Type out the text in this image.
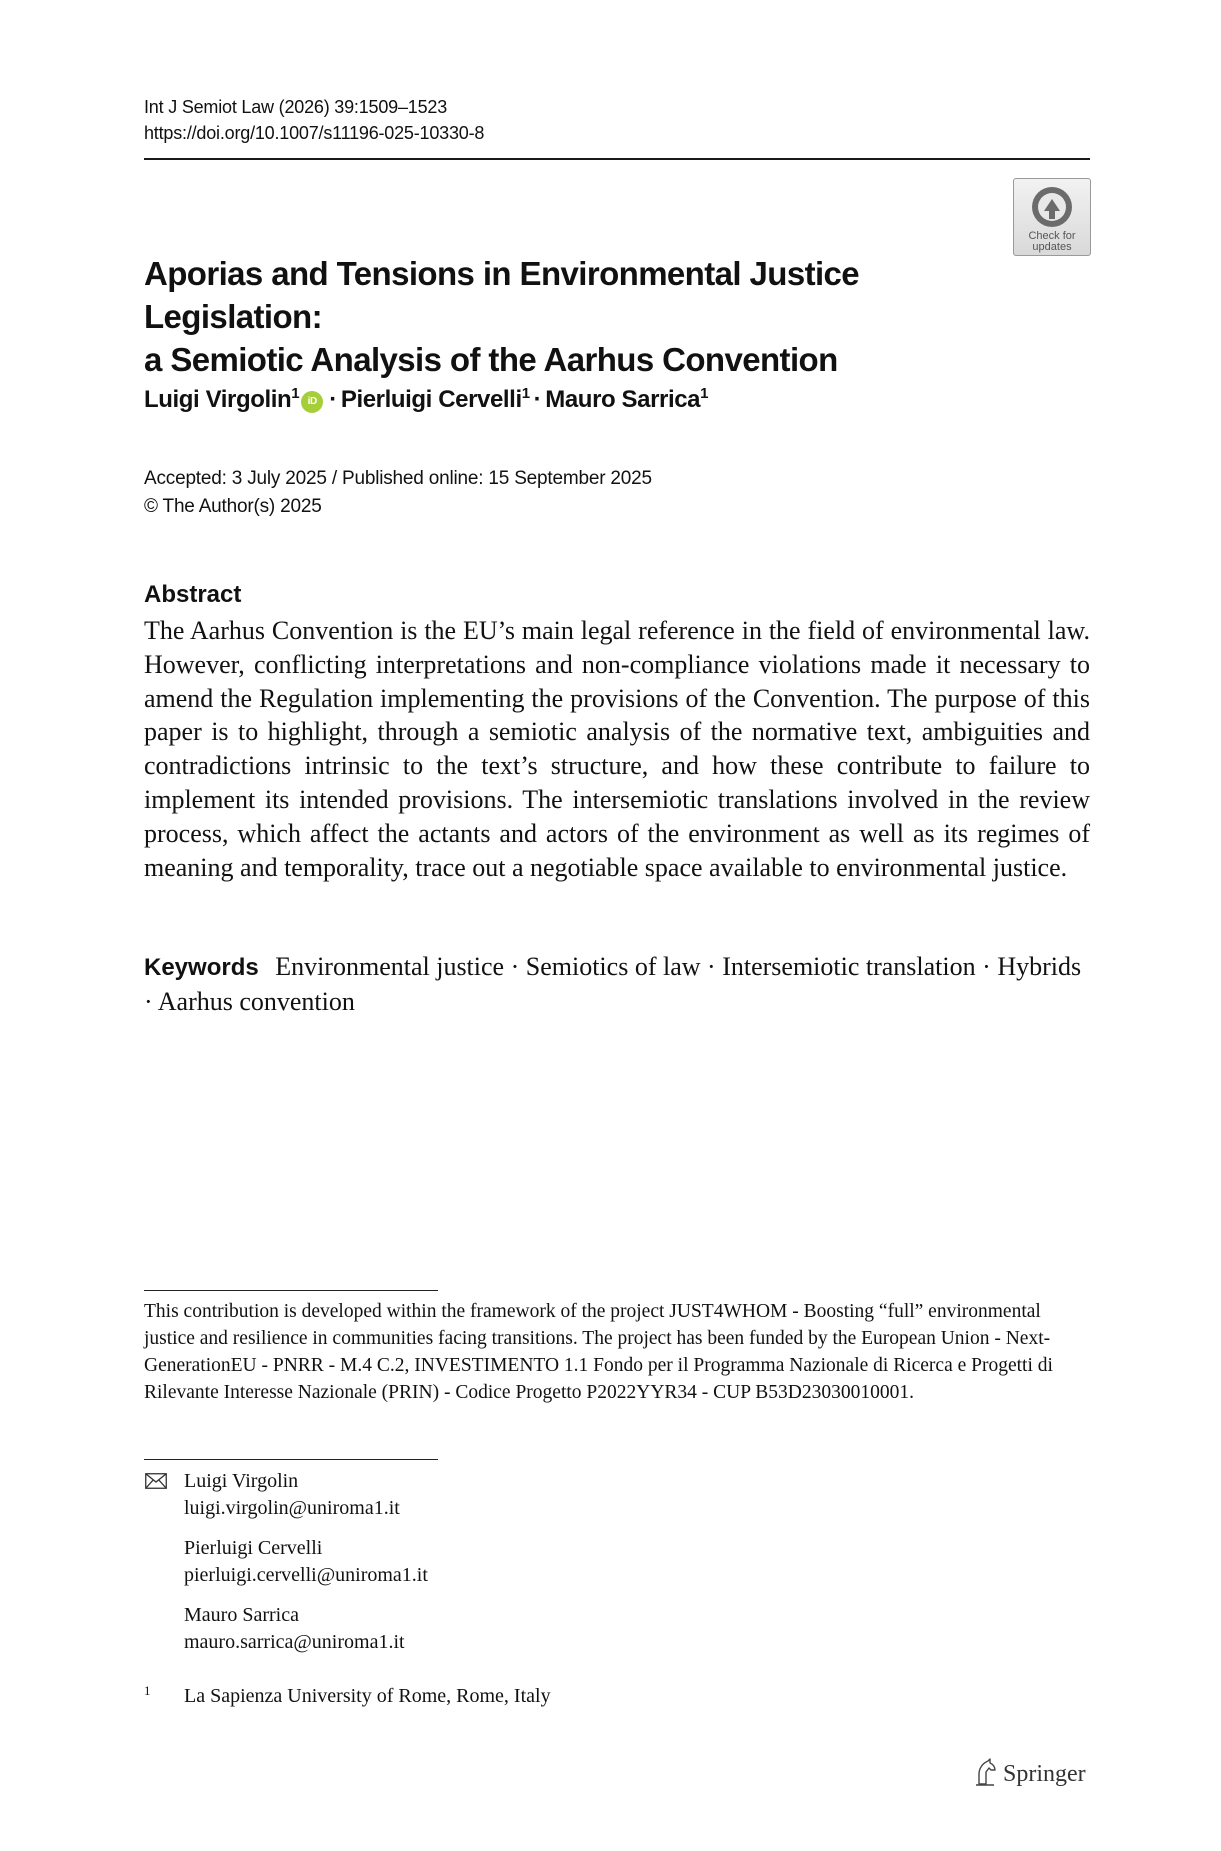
Int J Semiot Law (2026) 39:1509–1523
https://doi.org/10.1007/s11196-025-10330-8
Check for
updates
Aporias and Tensions in Environmental Justice Legislation:
a Semiotic Analysis of the Aarhus Convention
Luigi Virgolin$^1$ iD · Pierluigi Cervelli$^1$ · Mauro Sarrica$^1$
Accepted: 3 July 2025 / Published online: 15 September 2025
© The Author(s) 2025
Abstract

The Aarhus Convention is the EU’s main legal reference in the field of environmental law. However, conflicting interpretations and non-compliance violations made it necessary to amend the Regulation implementing the provisions of the Convention. The purpose of this paper is to highlight, through a semiotic analysis of the normative text, ambiguities and contradictions intrinsic to the text’s structure, and how these contribute to failure to implement its intended provisions. The intersemiotic translations involved in the review process, which affect the actants and actors of the environment as well as its regimes of meaning and temporality, trace out a negotiable space available to environmental justice.

Keywords Environmental justice · Semiotics of law · Intersemiotic translation · Hybrids · Aarhus convention

This contribution is developed within the framework of the project JUST4WHOM - Boosting “full” environmental justice and resilience in communities facing transitions. The project has been funded by the European Union - Next-GenerationEU - PNRR - M.4 C.2, INVESTIMENTO 1.1 Fondo per il Programma Nazionale di Ricerca e Progetti di Rilevante Interesse Nazionale (PRIN) - Codice Progetto P2022YYR34 - CUP B53D23030010001.

Luigi Virgolin
luigi.virgolin@uniroma1.it
Pierluigi Cervelli
pierluigi.cervelli@uniroma1.it
Mauro Sarrica
mauro.sarrica@uniroma1.it
1 La Sapienza University of Rome, Rome, Italy
Springer
